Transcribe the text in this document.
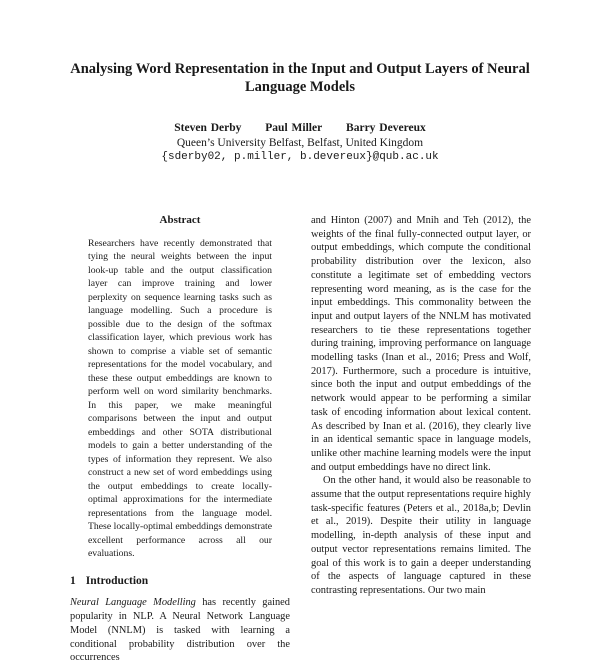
Analysing Word Representation in the Input and Output Layers of Neural Language Models
Steven Derby Paul Miller Barry Devereux
Queen’s University Belfast, Belfast, United Kingdom
{sderby02, p.miller, b.devereux}@qub.ac.uk
Abstract

Researchers have recently demonstrated that tying the neural weights between the input look-up table and the output classification layer can improve training and lower perplexity on sequence learning tasks such as language modelling. Such a procedure is possible due to the design of the softmax classification layer, which previous work has shown to comprise a viable set of semantic representations for the model vocabulary, and these these output embeddings are known to perform well on word similarity benchmarks. In this paper, we make meaningful comparisons between the input and output embeddings and other SOTA distributional models to gain a better understanding of the types of information they represent. We also construct a new set of word embeddings using the output embeddings to create locally-optimal approximations for the intermediate representations from the language model. These locally-optimal embeddings demonstrate excellent performance across all our evaluations.

1 Introduction

Neural Language Modelling has recently gained popularity in NLP. A Neural Network Language Model (NNLM) is tasked with learning a conditional probability distribution over the occurrences

and Hinton (2007) and Mnih and Teh (2012), the weights of the final fully-connected output layer, or output embeddings, which compute the conditional probability distribution over the lexicon, also constitute a legitimate set of embedding vectors representing word meaning, as is the case for the input embeddings. This commonality between the input and output layers of the NNLM has motivated researchers to tie these representations together during training, improving performance on language modelling tasks (Inan et al., 2016; Press and Wolf, 2017). Furthermore, such a procedure is intuitive, since both the input and output embeddings of the network would appear to be performing a similar task of encoding information about lexical content. As described by Inan et al. (2016), they clearly live in an identical semantic space in language models, unlike other machine learning models were the input and output embeddings have no direct link.

On the other hand, it would also be reasonable to assume that the output representations require highly task-specific features (Peters et al., 2018a,b; Devlin et al., 2019). Despite their utility in language modelling, in-depth analysis of these input and output vector representations remains limited. The goal of this work is to gain a deeper understanding of the aspects of language captured in these contrasting representations. Our two main
